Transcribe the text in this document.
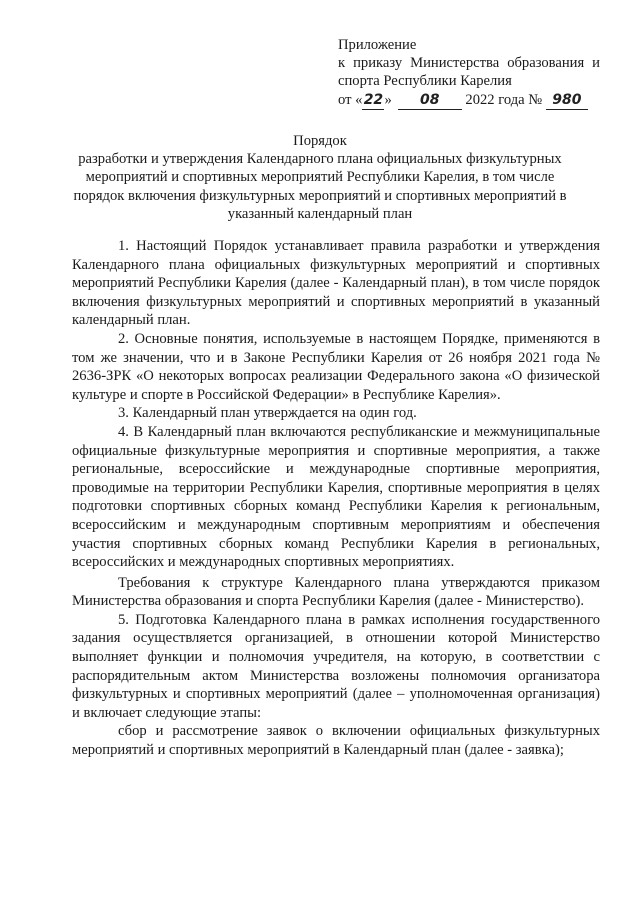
Приложение
к приказу Министерства образования и
спорта Республики Карелия
от «22» 08 2022 года № 980
Порядок
разработки и утверждения Календарного плана официальных физкультурных мероприятий и спортивных мероприятий Республики Карелия, в том числе порядок включения физкультурных мероприятий и спортивных мероприятий в указанный календарный план

1. Настоящий Порядок устанавливает правила разработки и утверждения Календарного плана официальных физкультурных мероприятий и спортивных мероприятий Республики Карелия (далее - Календарный план), в том числе порядок включения физкультурных мероприятий и спортивных мероприятий в указанный календарный план.

2. Основные понятия, используемые в настоящем Порядке, применяются в том же значении, что и в Законе Республики Карелия от 26 ноября 2021 года № 2636-ЗРК «О некоторых вопросах реализации Федерального закона «О физической культуре и спорте в Российской Федерации» в Республике Карелия».

3. Календарный план утверждается на один год.

4. В Календарный план включаются республиканские и межмуниципальные официальные физкультурные мероприятия и спортивные мероприятия, а также региональные, всероссийские и международные спортивные мероприятия, проводимые на территории Республики Карелия, спортивные мероприятия в целях подготовки спортивных сборных команд Республики Карелия к региональным, всероссийским и международным спортивным мероприятиям и обеспечения участия спортивных сборных команд Республики Карелия в региональных, всероссийских и международных спортивных мероприятиях.

Требования к структуре Календарного плана утверждаются приказом Министерства образования и спорта Республики Карелия (далее - Министерство).

5. Подготовка Календарного плана в рамках исполнения государственного задания осуществляется организацией, в отношении которой Министерство выполняет функции и полномочия учредителя, на которую, в соответствии с распорядительным актом Министерства возложены полномочия организатора физкультурных и спортивных мероприятий (далее – уполномоченная организация) и включает следующие этапы:

сбор и рассмотрение заявок о включении официальных физкультурных мероприятий и спортивных мероприятий в Календарный план (далее - заявка);
